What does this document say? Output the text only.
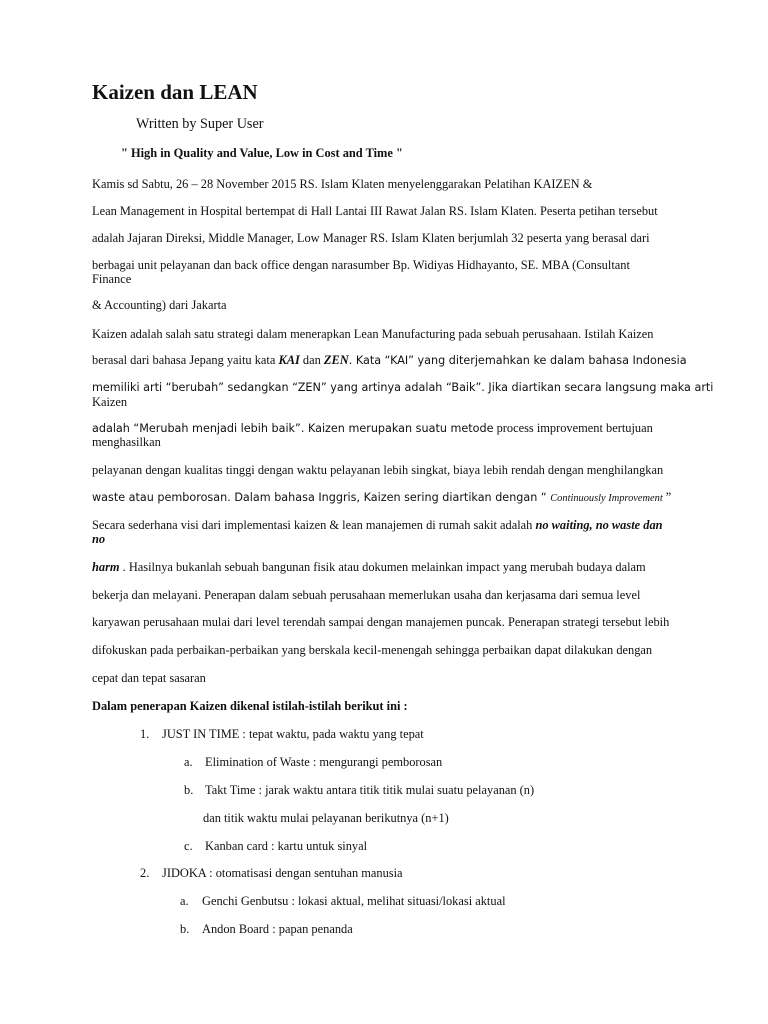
Kaizen dan LEAN
Written by Super User
" High in Quality and Value, Low in Cost and Time "
Kamis sd Sabtu, 26 – 28 November 2015 RS. Islam Klaten menyelenggarakan Pelatihan KAIZEN &
Lean Management in Hospital bertempat di Hall Lantai III Rawat Jalan RS. Islam Klaten. Peserta petihan tersebut
adalah Jajaran Direksi, Middle Manager, Low Manager RS. Islam Klaten berjumlah 32 peserta yang berasal dari
berbagai unit pelayanan dan back office dengan narasumber Bp. Widiyas Hidhayanto, SE. MBA (Consultant
Finance
& Accounting) dari Jakarta
Kaizen adalah salah satu strategi dalam menerapkan Lean Manufacturing pada sebuah perusahaan. Istilah Kaizen
berasal dari bahasa Jepang yaitu kata KAI dan ZEN. Kata “KAI” yang diterjemahkan ke dalam bahasa Indonesia
memiliki arti “berubah” sedangkan “ZEN” yang artinya adalah “Baik”. Jika diartikan secara langsung maka arti
Kaizen
adalah “Merubah menjadi lebih baik”. Kaizen merupakan suatu metode process improvement bertujuan
menghasilkan
pelayanan dengan kualitas tinggi dengan waktu pelayanan lebih singkat, biaya lebih rendah dengan menghilangkan
waste atau pemborosan. Dalam bahasa Inggris, Kaizen sering diartikan dengan “ Continuously Improvement ”
Secara sederhana visi dari implementasi kaizen & lean manajemen di rumah sakit adalah no waiting, no waste dan
no
harm . Hasilnya bukanlah sebuah bangunan fisik atau dokumen melainkan impact yang merubah budaya dalam
bekerja dan melayani. Penerapan dalam sebuah perusahaan memerlukan usaha dan kerjasama dari semua level
karyawan perusahaan mulai dari level terendah sampai dengan manajemen puncak. Penerapan strategi tersebut lebih
difokuskan pada perbaikan-perbaikan yang berskala kecil-menengah sehingga perbaikan dapat dilakukan dengan
cepat dan tepat sasaran
Dalam penerapan Kaizen dikenal istilah-istilah berikut ini :
1. JUST IN TIME : tepat waktu, pada waktu yang tepat
a. Elimination of Waste : mengurangi pemborosan
b. Takt Time : jarak waktu antara titik titik mulai suatu pelayanan (n)
dan titik waktu mulai pelayanan berikutnya (n+1)
c. Kanban card : kartu untuk sinyal
2. JIDOKA : otomatisasi dengan sentuhan manusia
a. Genchi Genbutsu : lokasi aktual, melihat situasi/lokasi aktual
b. Andon Board : papan penanda
